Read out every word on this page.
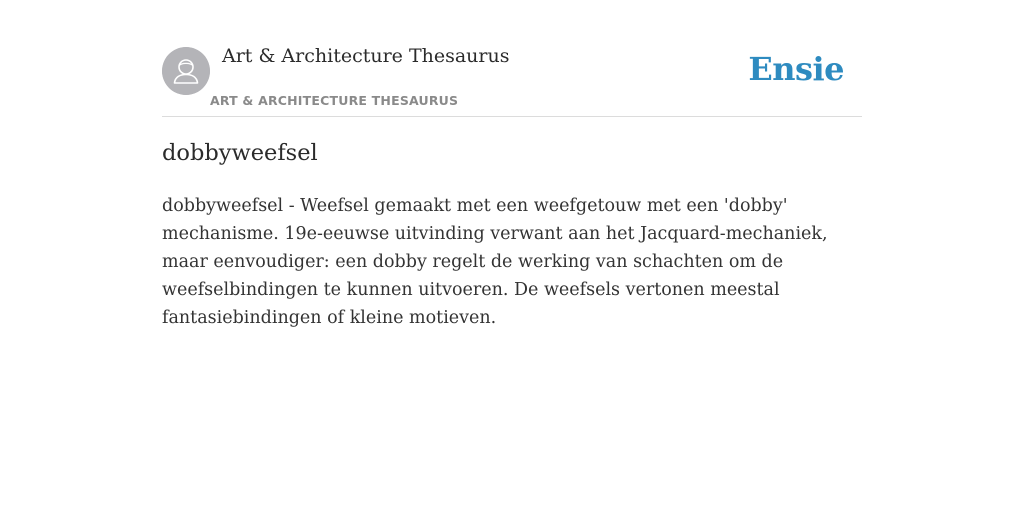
Art & Architecture Thesaurus
ART & ARCHITECTURE THESAURUS
Ensie
dobbyweefsel

dobbyweefsel - Weefsel gemaakt met een weefgetouw met een 'dobby' mechanisme. 19e-eeuwse uitvinding verwant aan het Jacquard-mechaniek, maar eenvoudiger: een dobby regelt de werking van schachten om de weefselbindingen te kunnen uitvoeren. De weefsels vertonen meestal fantasiebindingen of kleine motieven.
